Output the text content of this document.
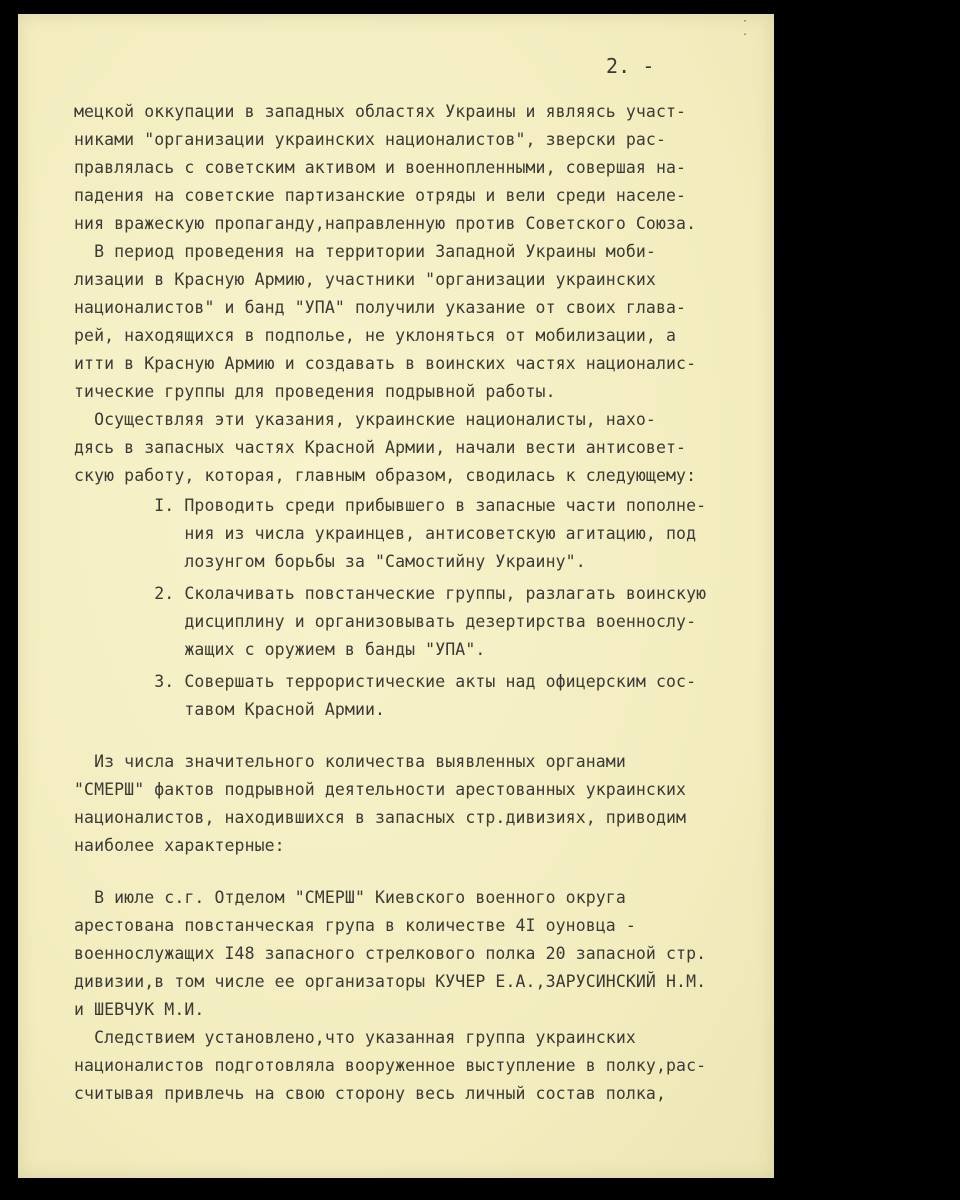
· .
2. -
мецкой оккупации в западных областях Украины и являясь участ-
никами "организации украинских националистов", зверски рас-
правлялась с советским активом и военнопленными, совершая на-
падения на советские партизанские отряды и вели среди населе-
ния вражескую пропаганду,направленную против Советского Союза.
В период проведения на территории Западной Украины моби-
лизации в Красную Армию, участники "организации украинских
националистов" и банд "УПА" получили указание от своих глава-
рей, находящихся в подполье, не уклоняться от мобилизации, а
итти в Красную Армию и создавать в воинских частях националис-
тические группы для проведения подрывной работы.
Осуществляя эти указания, украинские националисты, нахо-
дясь в запасных частях Красной Армии, начали вести антисовет-
скую работу, которая, главным образом, сводилась к следующему:
I. Проводить среди прибывшего в запасные части пополне-
ния из числа украинцев, антисоветскую агитацию, под
лозунгом борьбы за "Самостийну Украину".
2. Сколачивать повстанческие группы, разлагать воинскую
дисциплину и организовывать дезертирства военнослу-
жащих с оружием в банды "УПА".
3. Совершать террористические акты над офицерским сос-
тавом Красной Армии.
Из числа значительного количества выявленных органами
"СМЕРШ" фактов подрывной деятельности арестованных украинских
националистов, находившихся в запасных стр.дивизиях, приводим
наиболее характерные:
В июле с.г. Отделом "СМЕРШ" Киевского военного округа
арестована повстанческая група в количестве 4I оуновца -
военнослужащих I48 запасного стрелкового полка 20 запасной стр.
дивизии,в том числе ее организаторы КУЧЕР Е.А.,ЗАРУСИНСКИЙ Н.М.
и ШЕВЧУК М.И.
Следствием установлено,что указанная группа украинских
националистов подготовляла вооруженное выступление в полку,рас-
считывая привлечь на свою сторону весь личный состав полка,
